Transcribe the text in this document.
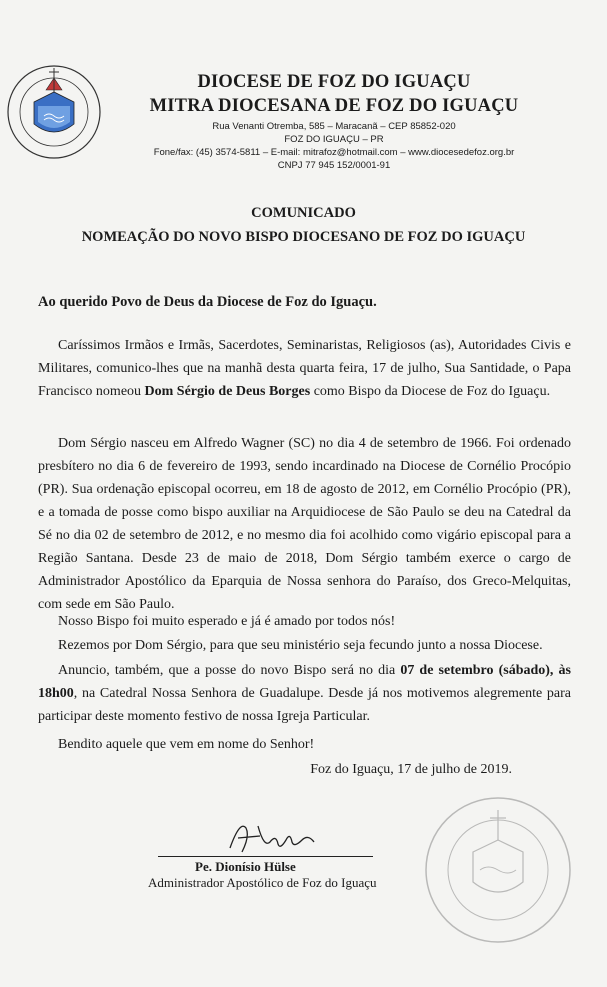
DIOCESE DE FOZ DO IGUAÇU
MITRA DIOCESANA DE FOZ DO IGUAÇU
Rua Venanti Otremba, 585 – Maracanã – CEP 85852-020
FOZ DO IGUAÇU – PR
Fone/fax: (45) 3574-5811 – E-mail: mitrafoz@hotmail.com – www.diocesedefoz.org.br
CNPJ 77 945 152/0001-91
COMUNICADO
NOMEAÇÃO DO NOVO BISPO DIOCESANO DE FOZ DO IGUAÇU
Ao querido Povo de Deus da Diocese de Foz do Iguaçu.
Caríssimos Irmãos e Irmãs, Sacerdotes, Seminaristas, Religiosos (as), Autoridades Civis e Militares, comunico-lhes que na manhã desta quarta feira, 17 de julho, Sua Santidade, o Papa Francisco nomeou Dom Sérgio de Deus Borges como Bispo da Diocese de Foz do Iguaçu.
Dom Sérgio nasceu em Alfredo Wagner (SC) no dia 4 de setembro de 1966. Foi ordenado presbítero no dia 6 de fevereiro de 1993, sendo incardinado na Diocese de Cornélio Procópio (PR). Sua ordenação episcopal ocorreu, em 18 de agosto de 2012, em Cornélio Procópio (PR), e a tomada de posse como bispo auxiliar na Arquidiocese de São Paulo se deu na Catedral da Sé no dia 02 de setembro de 2012, e no mesmo dia foi acolhido como vigário episcopal para a Região Santana. Desde 23 de maio de 2018, Dom Sérgio também exerce o cargo de Administrador Apostólico da Eparquia de Nossa senhora do Paraíso, dos Greco-Melquitas, com sede em São Paulo.
Nosso Bispo foi muito esperado e já é amado por todos nós!
Rezemos por Dom Sérgio, para que seu ministério seja fecundo junto a nossa Diocese.
Anuncio, também, que a posse do novo Bispo será no dia 07 de setembro (sábado), às 18h00, na Catedral Nossa Senhora de Guadalupe. Desde já nos motivemos alegremente para participar deste momento festivo de nossa Igreja Particular.
Bendito aquele que vem em nome do Senhor!
Foz do Iguaçu, 17 de julho de 2019.
Pe. Dionísio Hülse
Administrador Apostólico de Foz do Iguaçu
